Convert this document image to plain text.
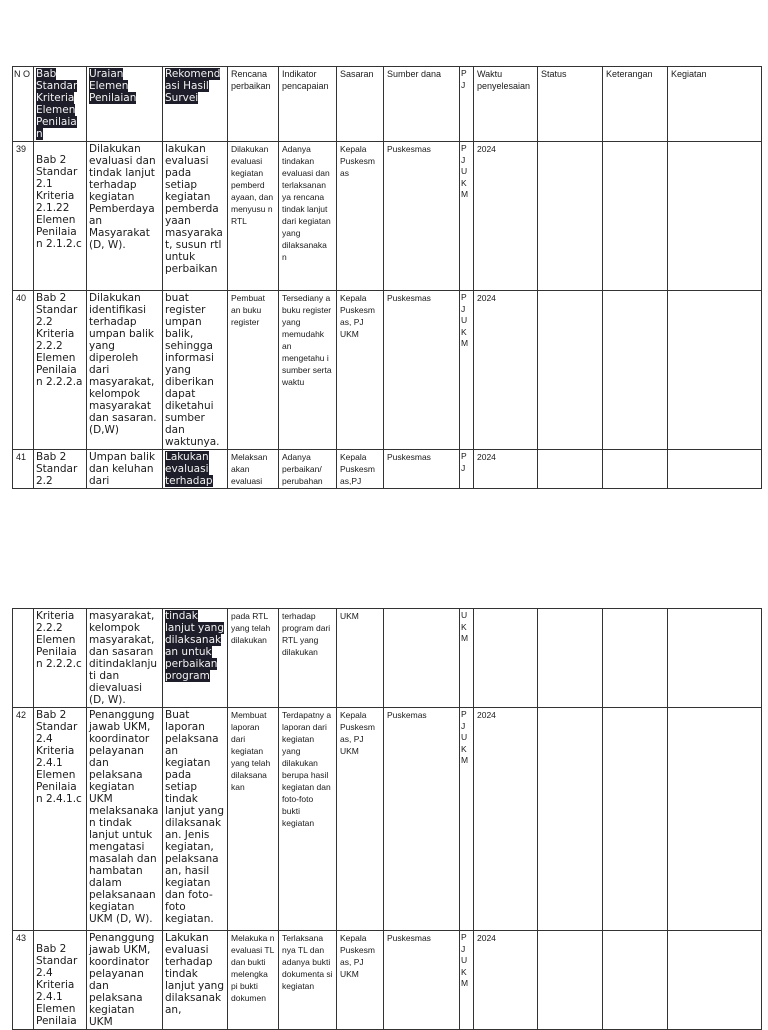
N O	Bab Standar Kriteria Elemen Penilaia n	Uraian Elemen Penilaian	Rekomend asi Hasil Survei	Rencana perbaikan	Indikator pencapaian	Sasaran	Sumber dana	P J	Waktu penyelesaian	Status	Keterangan	Kegiatan
39	Bab 2 Standar 2.1 Kriteria 2.1.22 Elemen Penilaia n 2.1.2.c	Dilakukan evaluasi dan tindak lanjut terhadap kegiatan Pemberdaya an Masyarakat (D, W).	lakukan evaluasi pada setiap kegiatan pemberda yaan masyaraka t, susun rtl untuk perbaikan	Dilakukan evaluasi kegiatan pemberd ayaan, dan menyusu n RTL	Adanya tindakan evaluasi dan terlaksanan ya rencana tindak lanjut dari kegiatan yang dilaksanaka n	Kepala Puskesm as	Puskesmas	P J U K M	2024			
40	Bab 2 Standar 2.2 Kriteria 2.2.2 Elemen Penilaia n 2.2.2.a	Dilakukan identifikasi terhadap umpan balik yang diperoleh dari masyarakat, kelompok masyarakat dan sasaran. (D,W)	buat register umpan balik, sehingga informasi yang diberikan dapat diketahui sumber dan waktunya.	Pembuat an buku register	Tersediany a buku register yang memudahk an mengetahu i sumber serta waktu	Kepala Puskesm as, PJ UKM	Puskesmas	P J U K M	2024			
41	Bab 2 Standar 2.2	Umpan balik dan keluhan dari	Lakukan evaluasi terhadap	Melaksan akan evaluasi	Adanya perbaikan/ perubahan	Kepala Puskesm as,PJ	Puskesmas	P J	2024			
	Kriteria 2.2.2 Elemen Penilaia n 2.2.2.c	masyarakat, kelompok masyarakat, dan sasaran ditindaklanju ti dan dievaluasi (D, W).	tindak lanjut yang dilaksanak an untuk perbaikan program	pada RTL yang telah dilakukan	terhadap program dari RTL yang dilakukan	UKM		U K M				
42	Bab 2 Standar 2.4 Kriteria 2.4.1 Elemen Penilaia n 2.4.1.c	Penanggung jawab UKM, koordinator pelayanan dan pelaksana kegiatan UKM melaksanaka n tindak lanjut untuk mengatasi masalah dan hambatan dalam pelaksanaan kegiatan UKM (D, W).	Buat laporan pelaksana an kegiatan pada setiap tindak lanjut yang dilaksanak an. Jenis kegiatan, pelaksana an, hasil kegiatan dan foto-foto kegiatan.	Membuat laporan dari kegiatan yang telah dilaksana kan	Terdapatny a laporan dari kegiatan yang dilakukan berupa hasil kegiatan dan foto-foto bukti kegiatan	Kepala Puskesm as, PJ UKM	Puskemas	P J U K M	2024			
43	Bab 2 Standar 2.4 Kriteria 2.4.1 Elemen Penilaia	Penanggung jawab UKM, koordinator pelayanan dan pelaksana kegiatan UKM	Lakukan evaluasi terhadap tindak lanjut yang dilaksanak an,	Melakuka n evaluasi TL dan bukti melengka pi bukti dokumen	Terlaksana nya TL dan adanya bukti dokumenta si kegiatan	Kepala Puskesm as, PJ UKM	Puskesmas	P J U K M	2024			
